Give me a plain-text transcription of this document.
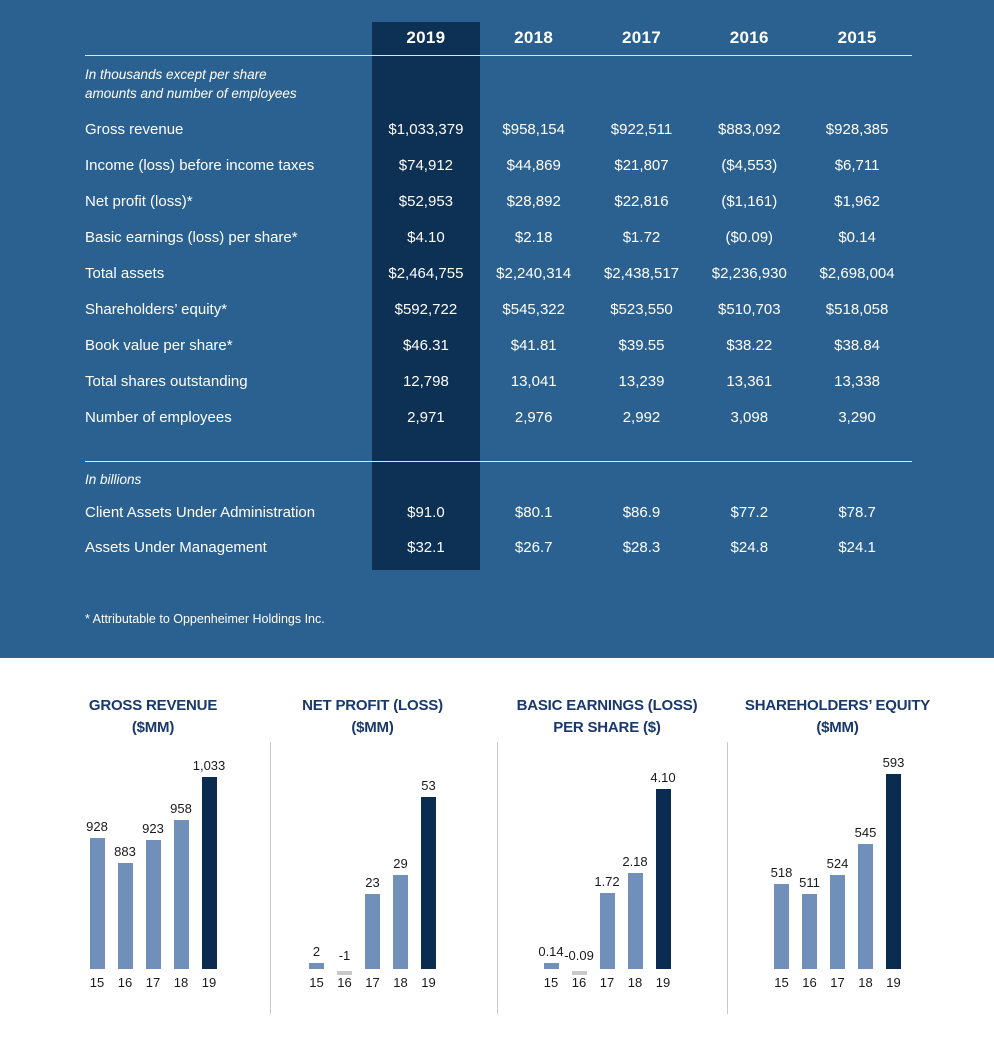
2019	2018	2017	2016	2015
In thousands except per share
amounts and number of employees
Gross revenue	$1,033,379	$958,154	$922,511	$883,092	$928,385
Income (loss) before income taxes	$74,912	$44,869	$21,807	($4,553)	$6,711
Net profit (loss)*	$52,953	$28,892	$22,816	($1,161)	$1,962
Basic earnings (loss) per share*	$4.10	$2.18	$1.72	($0.09)	$0.14
Total assets	$2,464,755	$2,240,314	$2,438,517	$2,236,930	$2,698,004
Shareholders’ equity*	$592,722	$545,322	$523,550	$510,703	$518,058
Book value per share*	$46.31	$41.81	$39.55	$38.22	$38.84
Total shares outstanding	12,798	13,041	13,239	13,361	13,338
Number of employees	2,971	2,976	2,992	3,098	3,290
In billions
Client Assets Under Administration	$91.0	$80.1	$86.9	$77.2	$78.7
Assets Under Management	$32.1	$26.7	$28.3	$24.8	$24.1
* Attributable to Oppenheimer Holdings Inc.
GROSS REVENUE
($MM)
928
883
923
958
1,033
15 16 17 18 19
NET PROFIT (LOSS)
($MM)
2 -1
23
29
53
15 16 17 18 19
BASIC EARNINGS (LOSS)
PER SHARE ($)
0.14 -0.09
1.72
2.18
4.10
15 16 17 18 19
SHAREHOLDERS’ EQUITY
($MM)
518
511
524
545
593
15 16 17 18 19
